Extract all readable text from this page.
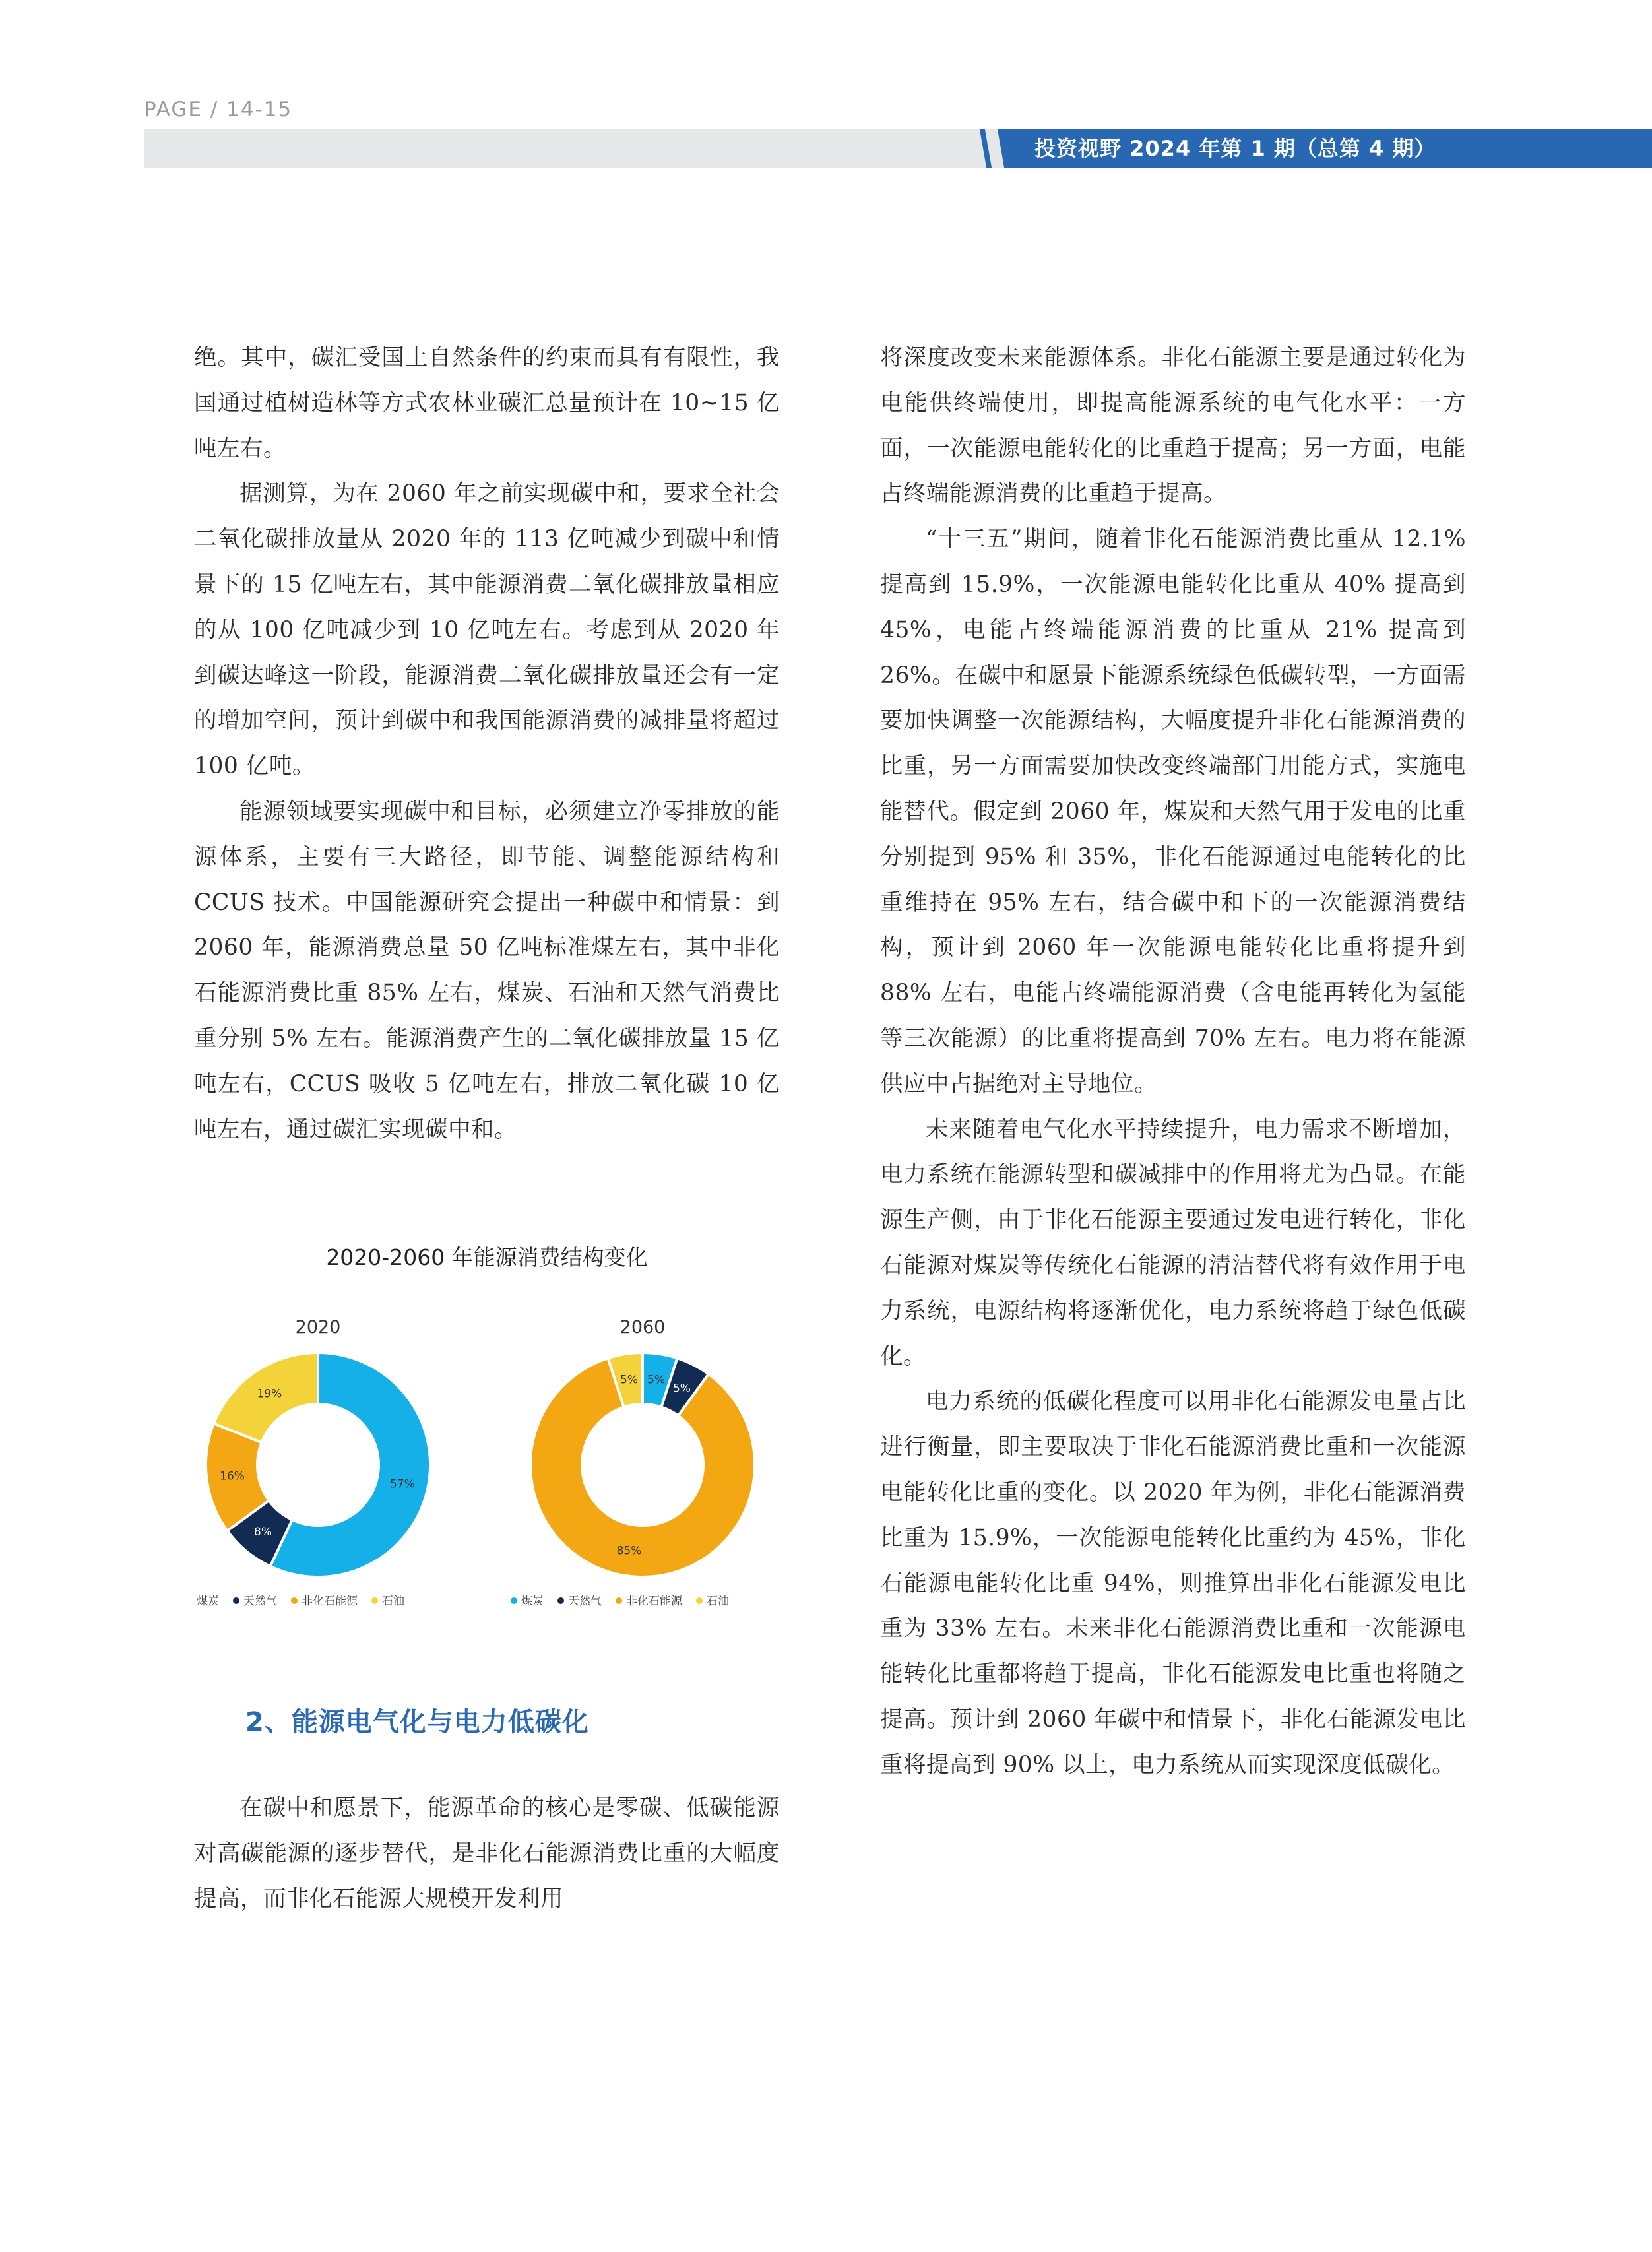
PAGE / 14-15
投资视野 2024 年第 1 期（总第 4 期）

绝。其中，碳汇受国土自然条件的约束而具有有限性，我国通过植树造林等方式农林业碳汇总量预计在 10~15 亿吨左右。

据测算，为在 2060 年之前实现碳中和，要求全社会二氧化碳排放量从 2020 年的 113 亿吨减少到碳中和情景下的 15 亿吨左右，其中能源消费二氧化碳排放量相应的从 100 亿吨减少到 10 亿吨左右。考虑到从 2020 年到碳达峰这一阶段，能源消费二氧化碳排放量还会有一定的增加空间，预计到碳中和我国能源消费的减排量将超过 100 亿吨。

能源领域要实现碳中和目标，必须建立净零排放的能源体系，主要有三大路径，即节能、调整能源结构和 CCUS 技术。中国能源研究会提出一种碳中和情景：到 2060 年，能源消费总量 50 亿吨标准煤左右，其中非化石能源消费比重 85% 左右，煤炭、石油和天然气消费比重分别 5% 左右。能源消费产生的二氧化碳排放量 15 亿吨左右，CCUS 吸收 5 亿吨左右，排放二氧化碳 10 亿吨左右，通过碳汇实现碳中和。

2020-2060 年能源消费结构变化
2020
57%
8%
16%
19%
煤炭 天然气 非化石能源 石油
2060
5%
5%
85%
5%
煤炭 天然气 非化石能源 石油
2、能源电气化与电力低碳化

在碳中和愿景下，能源革命的核心是零碳、低碳能源对高碳能源的逐步替代，是非化石能源消费比重的大幅度提高，而非化石能源大规模开发利用

将深度改变未来能源体系。非化石能源主要是通过转化为电能供终端使用，即提高能源系统的电气化水平：一方面，一次能源电能转化的比重趋于提高；另一方面，电能占终端能源消费的比重趋于提高。

“十三五”期间，随着非化石能源消费比重从 12.1% 提高到 15.9%，一次能源电能转化比重从 40% 提高到 45%，电能占终端能源消费的比重从 21% 提高到 26%。在碳中和愿景下能源系统绿色低碳转型，一方面需要加快调整一次能源结构，大幅度提升非化石能源消费的比重，另一方面需要加快改变终端部门用能方式，实施电能替代。假定到 2060 年，煤炭和天然气用于发电的比重分别提到 95% 和 35%，非化石能源通过电能转化的比重维持在 95% 左右，结合碳中和下的一次能源消费结构，预计到 2060 年一次能源电能转化比重将提升到 88% 左右，电能占终端能源消费（含电能再转化为氢能等三次能源）的比重将提高到 70% 左右。电力将在能源供应中占据绝对主导地位。

未来随着电气化水平持续提升，电力需求不断增加，电力系统在能源转型和碳减排中的作用将尤为凸显。在能源生产侧，由于非化石能源主要通过发电进行转化，非化石能源对煤炭等传统化石能源的清洁替代将有效作用于电力系统，电源结构将逐渐优化，电力系统将趋于绿色低碳化。

电力系统的低碳化程度可以用非化石能源发电量占比进行衡量，即主要取决于非化石能源消费比重和一次能源电能转化比重的变化。以 2020 年为例，非化石能源消费比重为 15.9%，一次能源电能转化比重约为 45%，非化石能源电能转化比重 94%，则推算出非化石能源发电比重为 33% 左右。未来非化石能源消费比重和一次能源电能转化比重都将趋于提高，非化石能源发电比重也将随之提高。预计到 2060 年碳中和情景下，非化石能源发电比重将提高到 90% 以上，电力系统从而实现深度低碳化。
